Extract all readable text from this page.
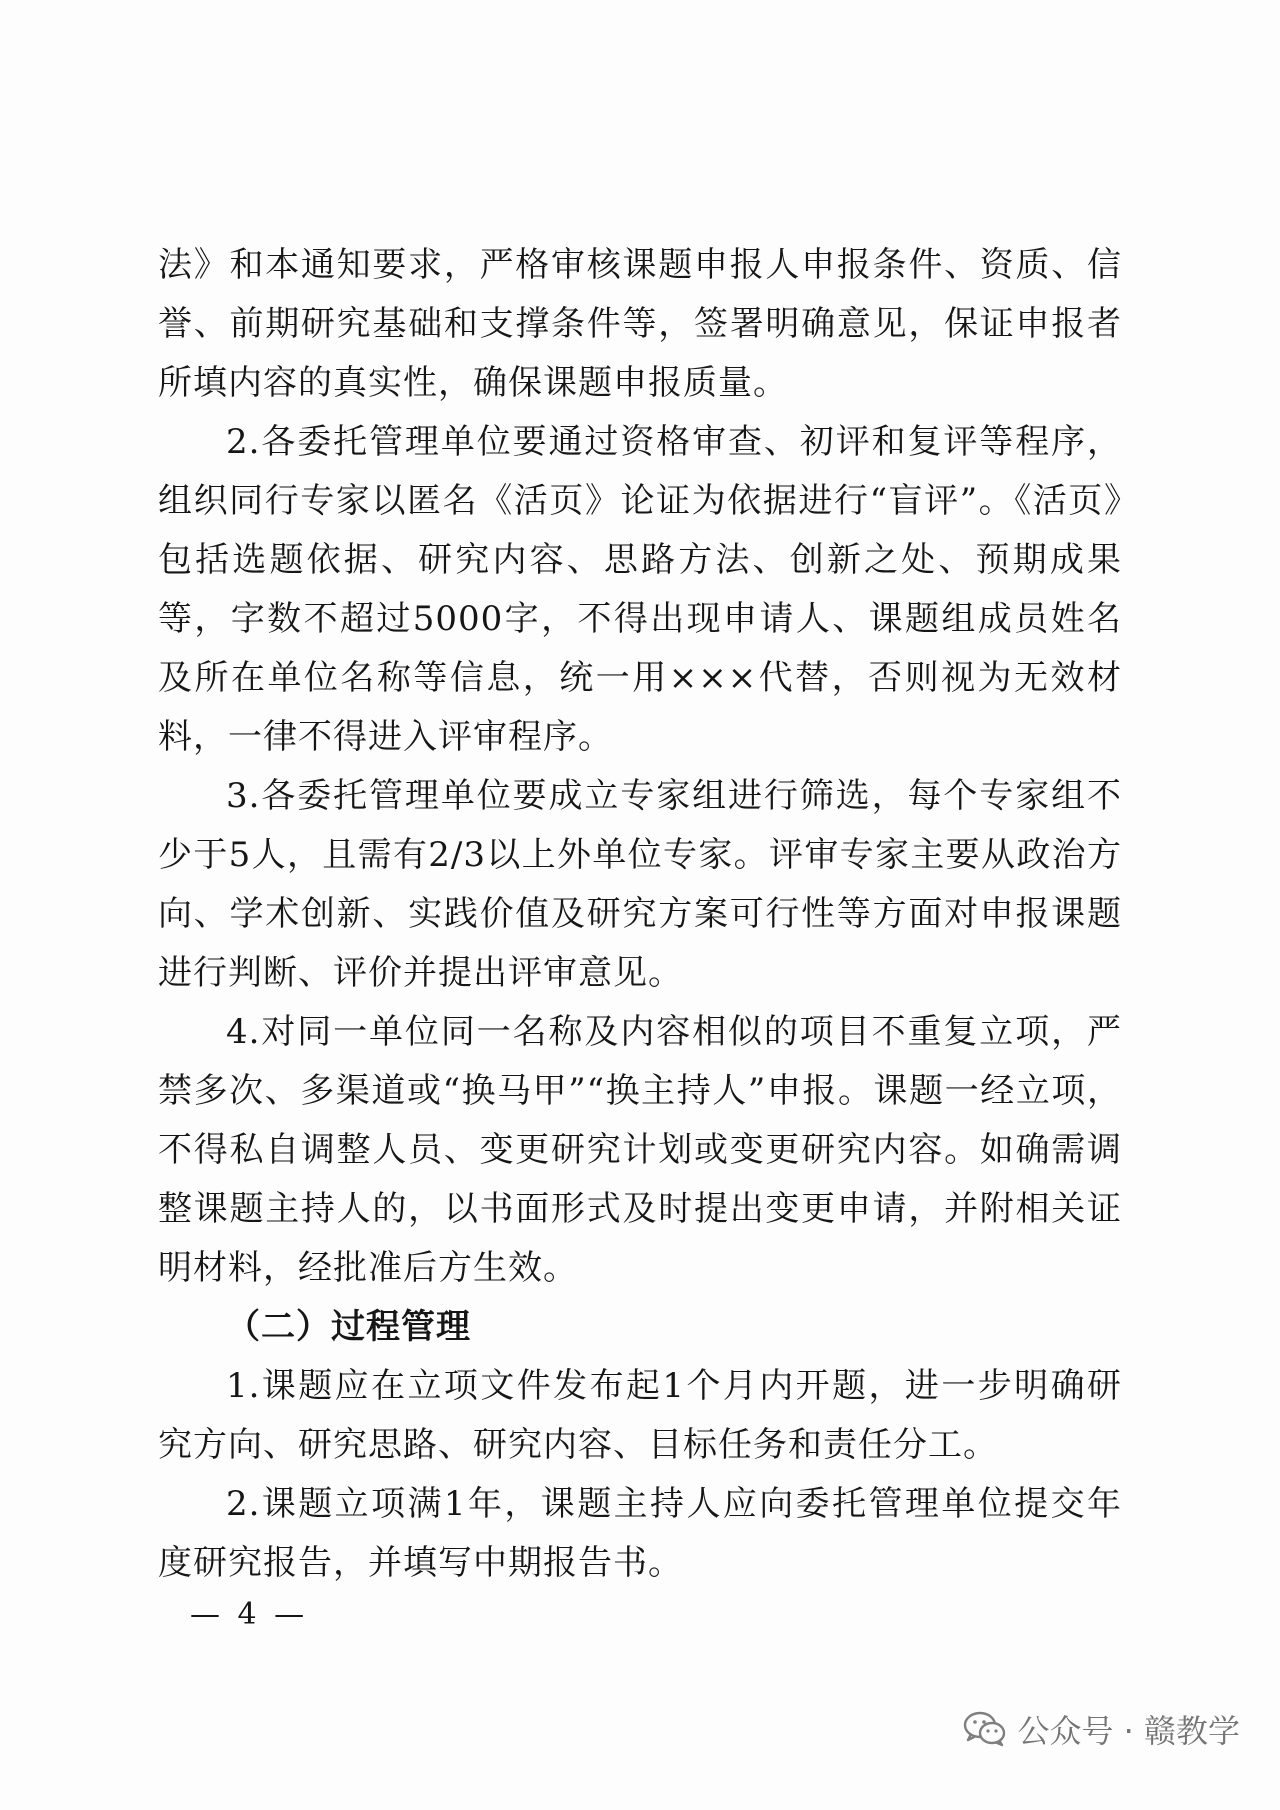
法》和本通知要求，严格审核课题申报人申报条件、资质、信誉、前期研究基础和支撑条件等，签署明确意见，保证申报者所填内容的真实性，确保课题申报质量。

2.各委托管理单位要通过资格审查、初评和复评等程序，组织同行专家以匿名《活页》论证为依据进行“盲评”。《活页》包括选题依据、研究内容、思路方法、创新之处、预期成果等，字数不超过5000字，不得出现申请人、课题组成员姓名及所在单位名称等信息，统一用×××代替，否则视为无效材料，一律不得进入评审程序。

3.各委托管理单位要成立专家组进行筛选，每个专家组不少于5人，且需有2/3以上外单位专家。评审专家主要从政治方向、学术创新、实践价值及研究方案可行性等方面对申报课题进行判断、评价并提出评审意见。

4.对同一单位同一名称及内容相似的项目不重复立项，严禁多次、多渠道或“换马甲”“换主持人”申报。课题一经立项，不得私自调整人员、变更研究计划或变更研究内容。如确需调整课题主持人的，以书面形式及时提出变更申请，并附相关证明材料，经批准后方生效。

（二）过程管理

1.课题应在立项文件发布起1个月内开题，进一步明确研究方向、研究思路、研究内容、目标任务和责任分工。

2.课题立项满1年，课题主持人应向委托管理单位提交年度研究报告，并填写中期报告书。

— 4 —
公众号 · 赣教学
